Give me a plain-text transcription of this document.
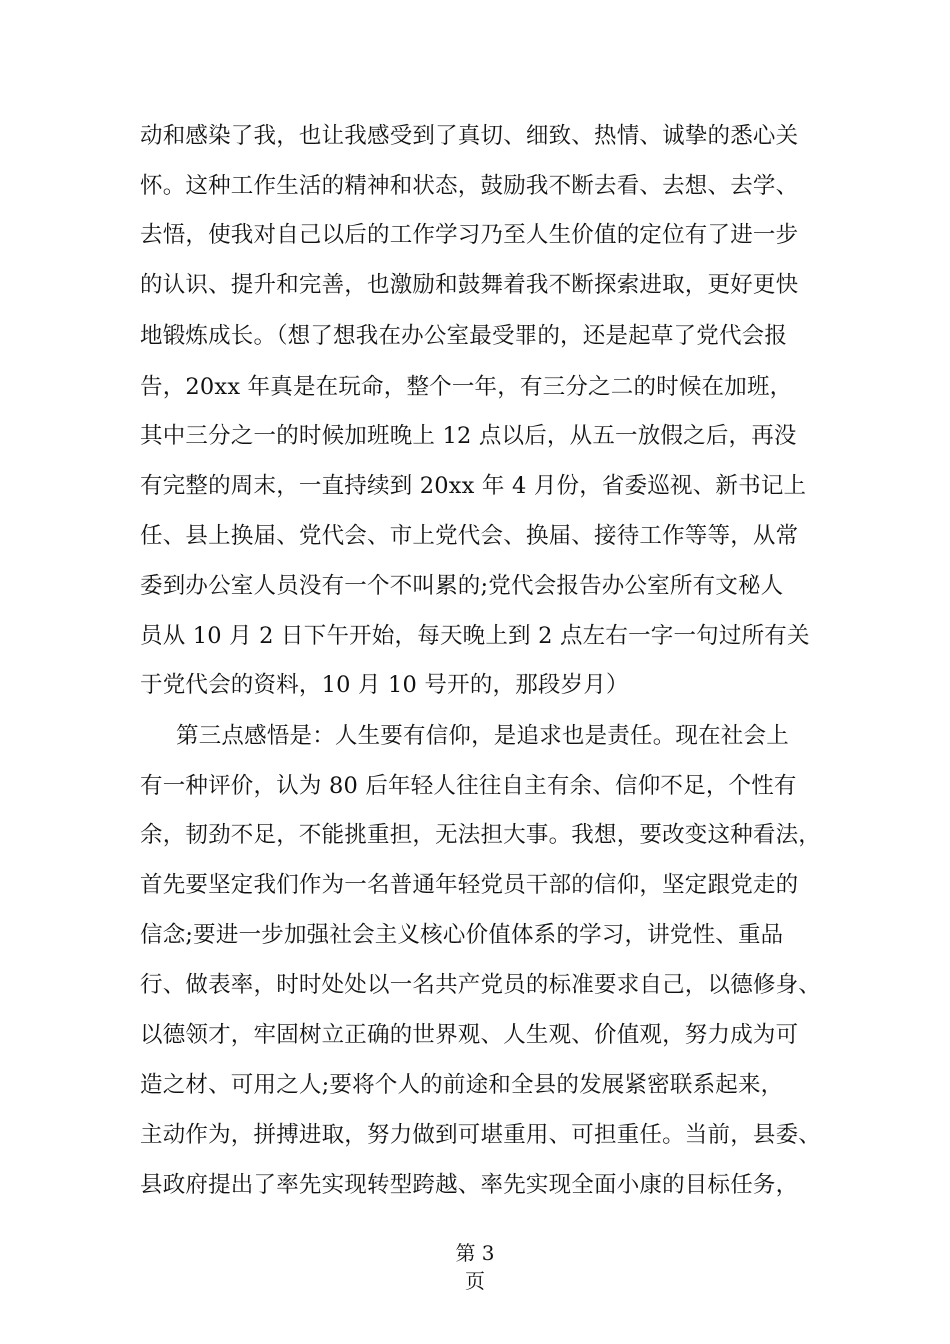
动和感染了我，也让我感受到了真切、细致、热情、诚挚的悉心关
怀。这种工作生活的精神和状态，鼓励我不断去看、去想、去学、
去悟，使我对自己以后的工作学习乃至人生价值的定位有了进一步
的认识、提升和完善，也激励和鼓舞着我不断探索进取，更好更快
地锻炼成长。（想了想我在办公室最受罪的，还是起草了党代会报
告，20xx 年真是在玩命，整个一年，有三分之二的时候在加班，
其中三分之一的时候加班晚上 12 点以后，从五一放假之后，再没
有完整的周末，一直持续到 20xx 年 4 月份，省委巡视、新书记上
任、县上换届、党代会、市上党代会、换届、接待工作等等，从常
委到办公室人员没有一个不叫累的;党代会报告办公室所有文秘人
员从 10 月 2 日下午开始，每天晚上到 2 点左右一字一句过所有关
于党代会的资料，10 月 10 号开的，那段岁月）
第三点感悟是：人生要有信仰，是追求也是责任。现在社会上
有一种评价，认为 80 后年轻人往往自主有余、信仰不足，个性有
余，韧劲不足，不能挑重担，无法担大事。我想，要改变这种看法，
首先要坚定我们作为一名普通年轻党员干部的信仰，坚定跟党走的
信念;要进一步加强社会主义核心价值体系的学习，讲党性、重品
行、做表率，时时处处以一名共产党员的标准要求自己，以德修身、
以德领才，牢固树立正确的世界观、人生观、价值观，努力成为可
造之材、可用之人;要将个人的前途和全县的发展紧密联系起来，
主动作为，拼搏进取，努力做到可堪重用、可担重任。当前，县委、
县政府提出了率先实现转型跨越、率先实现全面小康的目标任务，
第 3
页
